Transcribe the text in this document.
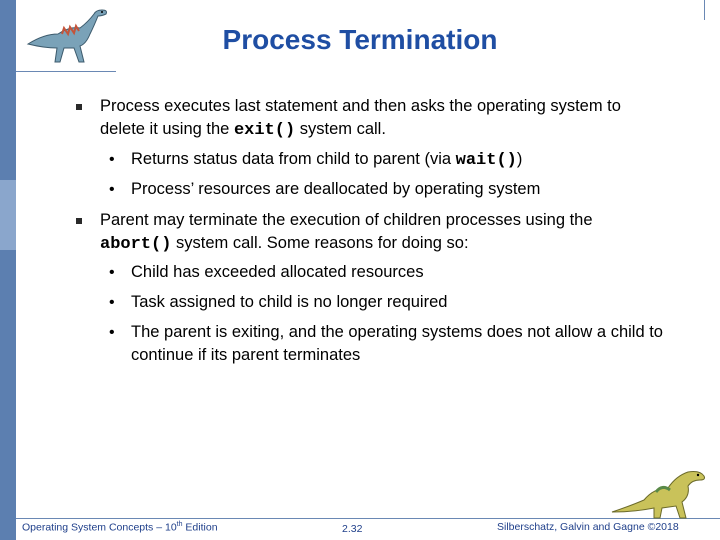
Process Termination
Process executes last statement and then asks the operating system to delete it using the exit() system call.
• Returns status data from child to parent (via wait())
• Process’ resources are deallocated by operating system
Parent may terminate the execution of children processes using the abort() system call. Some reasons for doing so:
• Child has exceeded allocated resources
• Task assigned to child is no longer required
• The parent is exiting, and the operating systems does not allow a child to continue if its parent terminates
Operating System Concepts – 10th Edition	2.32	Silberschatz, Galvin and Gagne ©2018
